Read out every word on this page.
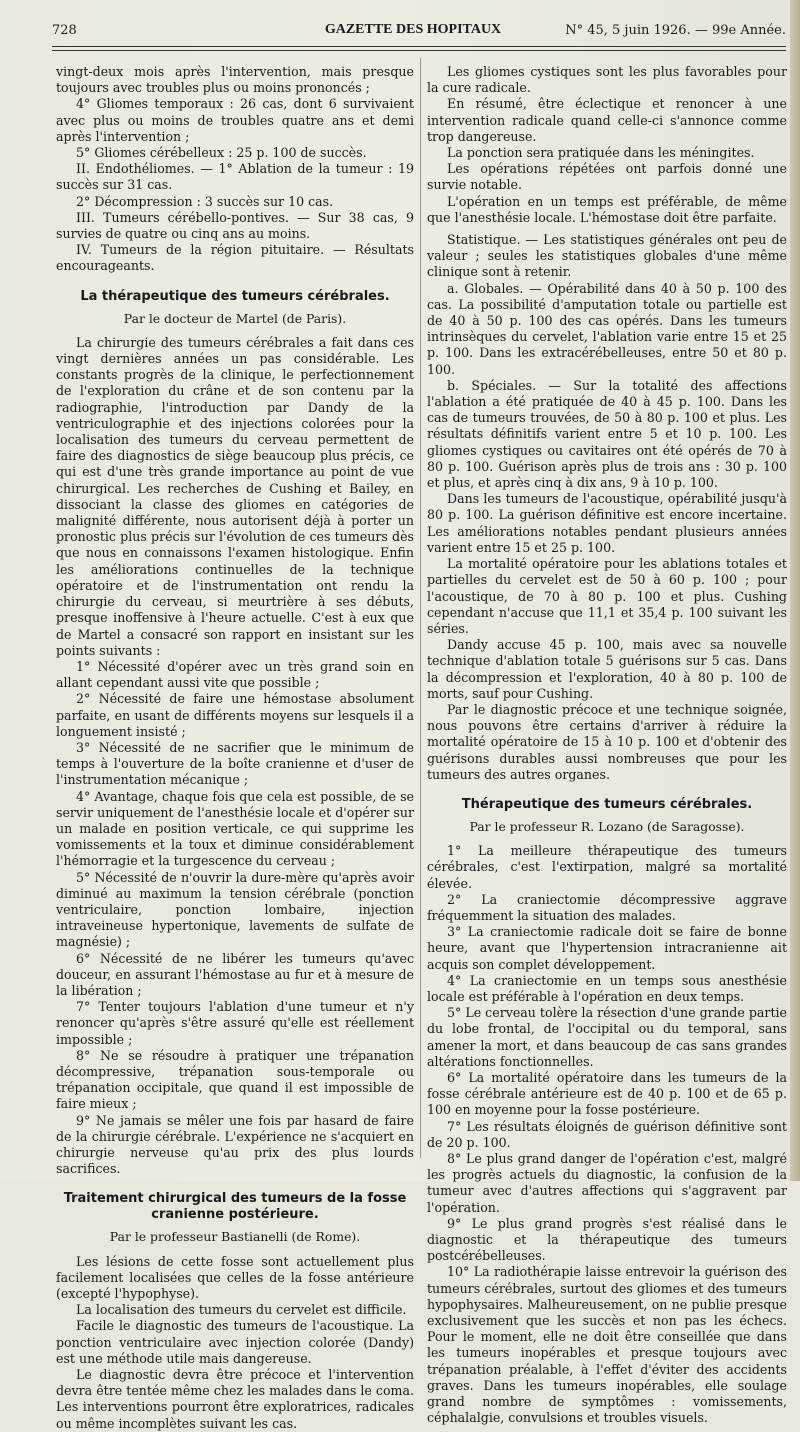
728	GAZETTE DES HOPITAUX	N° 45, 5 juin 1926. — 99e Année.

vingt-deux mois après l'intervention, mais presque toujours avec troubles plus ou moins prononcés ;

4° Gliomes temporaux : 26 cas, dont 6 survivaient avec plus ou moins de troubles quatre ans et demi après l'intervention ;

5° Gliomes cérébelleux : 25 p. 100 de succès.

II. Endothéliomes. — 1° Ablation de la tumeur : 19 succès sur 31 cas.

2° Décompression : 3 succès sur 10 cas.

III. Tumeurs cérébello-pontives. — Sur 38 cas, 9 survies de quatre ou cinq ans au moins.

IV. Tumeurs de la région pituitaire. — Résultats encourageants.

La thérapeutique des tumeurs cérébrales.
Par le docteur de Martel (de Paris).

La chirurgie des tumeurs cérébrales a fait dans ces vingt dernières années un pas considérable. Les constants progrès de la clinique, le perfectionnement de l'exploration du crâne et de son contenu par la radiographie, l'introduction par Dandy de la ventriculographie et des injections colorées pour la localisation des tumeurs du cerveau permettent de faire des diagnostics de siège beaucoup plus précis, ce qui est d'une très grande importance au point de vue chirurgical. Les recherches de Cushing et Bailey, en dissociant la classe des gliomes en catégories de malignité différente, nous autorisent déjà à porter un pronostic plus précis sur l'évolution de ces tumeurs dès que nous en connaissons l'examen histologique. Enfin les améliorations continuelles de la technique opératoire et de l'instrumentation ont rendu la chirurgie du cerveau, si meurtrière à ses débuts, presque inoffensive à l'heure actuelle. C'est à eux que de Martel a consacré son rapport en insistant sur les points suivants :

1° Nécessité d'opérer avec un très grand soin en allant cependant aussi vite que possible ;

2° Nécessité de faire une hémostase absolument parfaite, en usant de différents moyens sur lesquels il a longuement insisté ;

3° Nécessité de ne sacrifier que le minimum de temps à l'ouverture de la boîte cranienne et d'user de l'instrumentation mécanique ;

4° Avantage, chaque fois que cela est possible, de se servir uniquement de l'anesthésie locale et d'opérer sur un malade en position verticale, ce qui supprime les vomissements et la toux et diminue considérablement l'hémorragie et la turgescence du cerveau ;

5° Nécessité de n'ouvrir la dure-mère qu'après avoir diminué au maximum la tension cérébrale (ponction ventriculaire, ponction lombaire, injection intraveineuse hypertonique, lavements de sulfate de magnésie) ;

6° Nécessité de ne libérer les tumeurs qu'avec douceur, en assurant l'hémostase au fur et à mesure de la libération ;

7° Tenter toujours l'ablation d'une tumeur et n'y renoncer qu'après s'être assuré qu'elle est réellement impossible ;

8° Ne se résoudre à pratiquer une trépanation décompressive, trépanation sous-temporale ou trépanation occipitale, que quand il est impossible de faire mieux ;

9° Ne jamais se mêler une fois par hasard de faire de la chirurgie cérébrale. L'expérience ne s'acquiert en chirurgie nerveuse qu'au prix des plus lourds sacrifices.

Traitement chirurgical des tumeurs de la fosse cranienne postérieure.
Par le professeur Bastianelli (de Rome).

Les lésions de cette fosse sont actuellement plus facilement localisées que celles de la fosse antérieure (excepté l'hypophyse).

La localisation des tumeurs du cervelet est difficile.

Facile le diagnostic des tumeurs de l'acoustique. La ponction ventriculaire avec injection colorée (Dandy) est une méthode utile mais dangereuse.

Le diagnostic devra être précoce et l'intervention devra être tentée même chez les malades dans le coma. Les interventions pourront être exploratrices, radicales ou même incomplètes suivant les cas.

Les gliomes cystiques sont les plus favorables pour la cure radicale.

En résumé, être éclectique et renoncer à une intervention radicale quand celle-ci s'annonce comme trop dangereuse.

La ponction sera pratiquée dans les méningites.

Les opérations répétées ont parfois donné une survie notable.

L'opération en un temps est préférable, de même que l'anesthésie locale. L'hémostase doit être parfaite.

Statistique. — Les statistiques générales ont peu de valeur ; seules les statistiques globales d'une même clinique sont à retenir.

a. Globales. — Opérabilité dans 40 à 50 p. 100 des cas. La possibilité d'amputation totale ou partielle est de 40 à 50 p. 100 des cas opérés. Dans les tumeurs intrinsèques du cervelet, l'ablation varie entre 15 et 25 p. 100. Dans les extracérébelleuses, entre 50 et 80 p. 100.

b. Spéciales. — Sur la totalité des affections l'ablation a été pratiquée de 40 à 45 p. 100. Dans les cas de tumeurs trouvées, de 50 à 80 p. 100 et plus. Les résultats définitifs varient entre 5 et 10 p. 100. Les gliomes cystiques ou cavitaires ont été opérés de 70 à 80 p. 100. Guérison après plus de trois ans : 30 p. 100 et plus, et après cinq à dix ans, 9 à 10 p. 100.

Dans les tumeurs de l'acoustique, opérabilité jusqu'à 80 p. 100. La guérison définitive est encore incertaine. Les améliorations notables pendant plusieurs années varient entre 15 et 25 p. 100.

La mortalité opératoire pour les ablations totales et partielles du cervelet est de 50 à 60 p. 100 ; pour l'acoustique, de 70 à 80 p. 100 et plus. Cushing cependant n'accuse que 11,1 et 35,4 p. 100 suivant les séries.

Dandy accuse 45 p. 100, mais avec sa nouvelle technique d'ablation totale 5 guérisons sur 5 cas. Dans la décompression et l'exploration, 40 à 80 p. 100 de morts, sauf pour Cushing.

Par le diagnostic précoce et une technique soignée, nous pouvons être certains d'arriver à réduire la mortalité opératoire de 15 à 10 p. 100 et d'obtenir des guérisons durables aussi nombreuses que pour les tumeurs des autres organes.

Thérapeutique des tumeurs cérébrales.
Par le professeur R. Lozano (de Saragosse).

1° La meilleure thérapeutique des tumeurs cérébrales, c'est l'extirpation, malgré sa mortalité élevée.

2° La craniectomie décompressive aggrave fréquemment la situation des malades.

3° La craniectomie radicale doit se faire de bonne heure, avant que l'hypertension intracranienne ait acquis son complet développement.

4° La craniectomie en un temps sous anesthésie locale est préférable à l'opération en deux temps.

5° Le cerveau tolère la résection d'une grande partie du lobe frontal, de l'occipital ou du temporal, sans amener la mort, et dans beaucoup de cas sans grandes altérations fonctionnelles.

6° La mortalité opératoire dans les tumeurs de la fosse cérébrale antérieure est de 40 p. 100 et de 65 p. 100 en moyenne pour la fosse postérieure.

7° Les résultats éloignés de guérison définitive sont de 20 p. 100.

8° Le plus grand danger de l'opération c'est, malgré les progrès actuels du diagnostic, la confusion de la tumeur avec d'autres affections qui s'aggravent par l'opération.

9° Le plus grand progrès s'est réalisé dans le diagnostic et la thérapeutique des tumeurs postcérébelleuses.

10° La radiothérapie laisse entrevoir la guérison des tumeurs cérébrales, surtout des gliomes et des tumeurs hypophysaires. Malheureusement, on ne publie presque exclusivement que les succès et non pas les échecs. Pour le moment, elle ne doit être conseillée que dans les tumeurs inopérables et presque toujours avec trépanation préalable, à l'effet d'éviter des accidents graves. Dans les tumeurs inopérables, elle soulage grand nombre de symptômes : vomissements, céphalalgie, convulsions et troubles visuels.
